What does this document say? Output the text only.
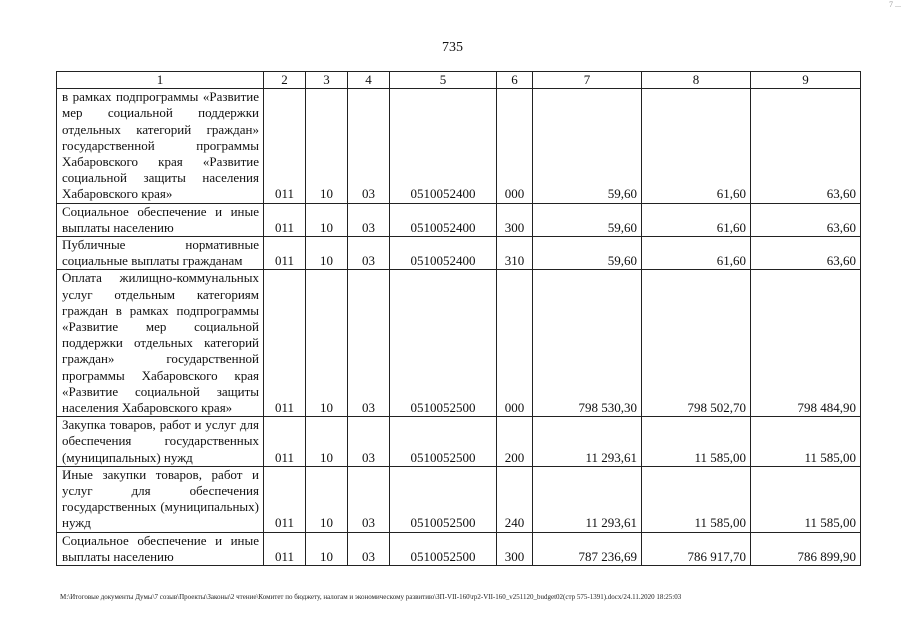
7 ...
735
1	2	3	4	5	6	7	8	9
в рамках подпрограммы «Развитие мер социальной поддержки отдельных категорий граждан» государственной программы Хабаровского края «Развитие социальной защиты населения Хабаровского края»	011	10	03	0510052400	000	59,60	61,60	63,60
Социальное обеспечение и иные выплаты населению	011	10	03	0510052400	300	59,60	61,60	63,60
Публичные нормативные социальные выплаты гражданам	011	10	03	0510052400	310	59,60	61,60	63,60
Оплата жилищно-коммунальных услуг отдельным категориям граждан в рамках подпрограммы «Развитие мер социальной поддержки отдельных категорий граждан» государственной программы Хабаровского края «Развитие социальной защиты населения Хабаровского края»	011	10	03	0510052500	000	798 530,30	798 502,70	798 484,90
Закупка товаров, работ и услуг для обеспечения государственных (муниципальных) нужд	011	10	03	0510052500	200	11 293,61	11 585,00	11 585,00
Иные закупки товаров, работ и услуг для обеспечения государственных (муниципальных) нужд	011	10	03	0510052500	240	11 293,61	11 585,00	11 585,00
Социальное обеспечение и иные выплаты населению	011	10	03	0510052500	300	787 236,69	786 917,70	786 899,90
M:\Итоговые документы Думы\7 созыв\Проекты\Законы\2 чтение\Комитет по бюджету, налогам и экономическому развитию\ЗП-VII-160\rp2-VII-160_v251120_budget02(стр 575-1391).docx/24.11.2020 18:25:03
